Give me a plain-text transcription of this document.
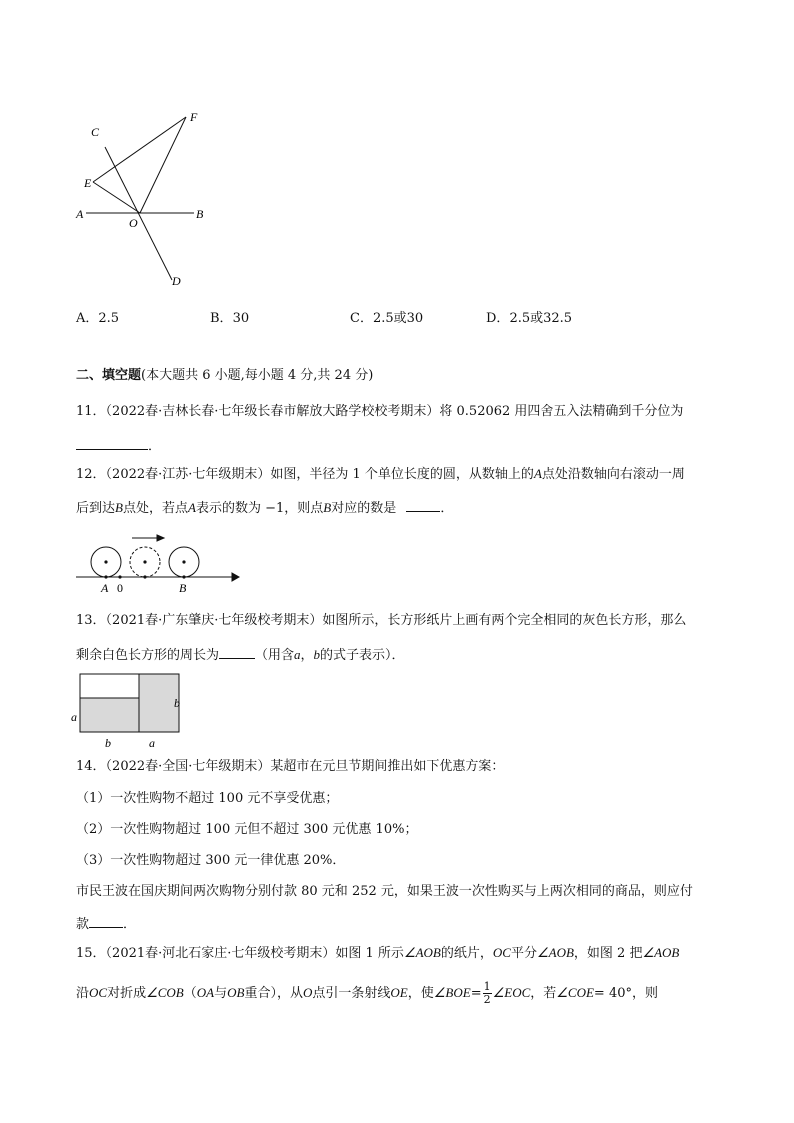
C
F
E
A
O
B
D
A．2.5	B．30	C．2.5或30	D．2.5或32.5
二、填空题(本大题共 6 小题,每小题 4 分,共 24 分)
11．（2022春·吉林长春·七年级长春市解放大路学校校考期末）将 0.52062 用四舍五入法精确到千分位为
．
12．（2022春·江苏·七年级期末）如图，半径为 1 个单位长度的圆，从数轴上的A点处沿数轴向右滚动一周
后到达B点处，若点A表示的数为 −1，则点B对应的数是	．
A 0	B
13．（2021春·广东肇庆·七年级校考期末）如图所示，长方形纸片上画有两个完全相同的灰色长方形，那么
剩余白色长方形的周长为	（用含a，b的式子表示）．
a
b
b	a
14．（2022春·全国·七年级期末）某超市在元旦节期间推出如下优惠方案：
（1）一次性购物不超过 100 元不享受优惠；
（2）一次性购物超过 100 元但不超过 300 元优惠 10%；
（3）一次性购物超过 300 元一律优惠 20%．
市民王波在国庆期间两次购物分别付款 80 元和 252 元，如果王波一次性购买与上两次相同的商品，则应付
款	．
15．（2021春·河北石家庄·七年级校考期末）如图 1 所示∠AOB的纸片，OC平分∠AOB，如图 2 把∠AOB
沿OC对折成∠COB（OA与OB重合），从O点引一条射线OE，使∠BOE= $\frac{1}{2}$ ∠EOC，若∠COE= 40°，则
